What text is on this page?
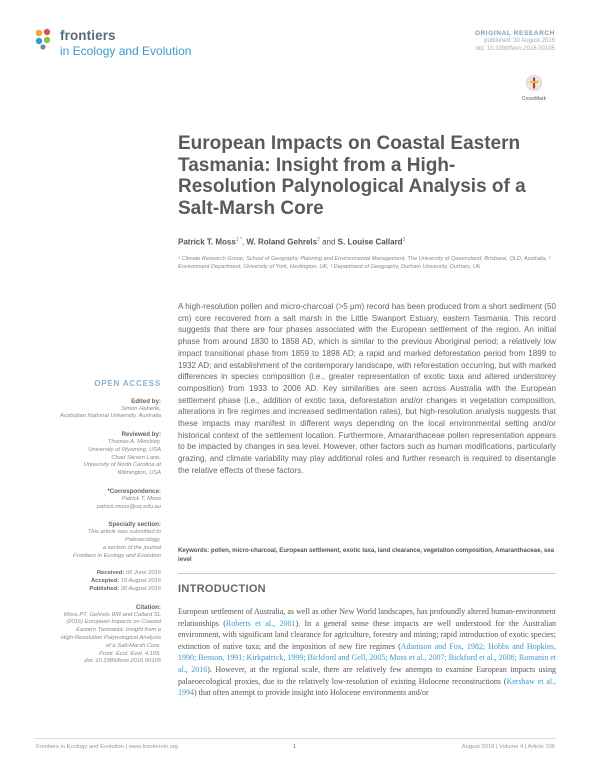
frontiers
in Ecology and Evolution
ORIGINAL RESEARCH
published: 30 August 2016
doi: 10.3389/fevo.2016.00105
CrossMark
European Impacts on Coastal Eastern Tasmania: Insight from a High-Resolution Palynological Analysis of a Salt-Marsh Core
Patrick T. Moss$^{1 *}$, W. Roland Gehrels$^2$ and S. Louise Callard$^3$
¹ Climate Research Group, School of Geography Planning and Environmental Management, The University of Queensland, Brisbane, QLD, Australia, ² Environment Department, University of York, Heslington, UK, ³ Department of Geography, Durham University, Durham, UK
A high-resolution pollen and micro-charcoal (>5 μm) record has been produced from a short sediment (50 cm) core recovered from a salt marsh in the Little Swanport Estuary, eastern Tasmania. This record suggests that there are four phases associated with the European settlement of the region. An initial phase from around 1830 to 1858 AD, which is similar to the previous Aboriginal period; a relatively low impact transitional phase from 1859 to 1898 AD; a rapid and marked deforestation period from 1899 to 1932 AD; and establishment of the contemporary landscape, with reforestation occurring, but with marked differences in species composition (i.e., greater representation of exotic taxa and altered understorey composition) from 1933 to 2006 AD. Key similarities are seen across Australia with the European settlement phase (i.e., addition of exotic taxa, deforestation and/or changes in vegetation composition, alterations in fire regimes and increased sedimentation rates), but high-resolution analysis suggests that these impacts may manifest in different ways depending on the local environmental setting and/or historical context of the settlement location. Furthermore, Amaranthaceae pollen representation appears to be impacted by changes in sea level. However, other factors such as human modifications, particularly grazing, and climate variability may play additional roles and further research is required to disentangle the relative effects of these factors.
Keywords: pollen, micro-charcoal, European settlement, exotic taxa, land clearance, vegetation composition, Amaranthaceae, sea level
INTRODUCTION
European settlement of Australia, as well as other New World landscapes, has profoundly altered human-environment relationships (Roberts et al., 2001). In a general sense these impacts are well understood for the Australian environment, with significant land clearance for agriculture, forestry and mining; rapid introduction of exotic species; extinction of native taxa; and the imposition of new fire regimes (Adamson and Fox, 1982; Hobbs and Hopkins, 1990; Benson, 1991; Kirkpatrick, 1999; Bickford and Gell, 2005; Moss et al., 2007; Bickford et al., 2008; Romanin et al., 2016). However, at the regional scale, there are relatively few attempts to examine European impacts using palaeoecological proxies, due to the relatively low-resolution of existing Holocene reconstructions (Kershaw et al., 1994) that often attempt to provide insight into Holocene environments and/or
OPEN ACCESS
Edited by:
Simon Haberle,
Australian National University, Australia
Reviewed by:
Thomas A. Minckley,
University of Wyoming, USA
Chad Steven Lane,
University of North Carolina at
Wilmington, USA
*Correspondence:
Patrick T. Moss
patrick.moss@uq.edu.au
Specialty section:
This article was submitted to
Paleoecology,
a section of the journal
Frontiers in Ecology and Evolution
Received: 06 June 2016
Accepted: 15 August 2016
Published: 30 August 2016
Citation:
Moss PT, Gehrels WR and Callard SL
(2016) European Impacts on Coastal
Eastern Tasmania: Insight from a
High-Resolution Palynological Analysis
of a Salt-Marsh Core.
Front. Ecol. Evol. 4:105.
doi: 10.3389/fevo.2016.00105
Frontiers in Ecology and Evolution | www.frontiersin.org	1	August 2016 | Volume 4 | Article 105
